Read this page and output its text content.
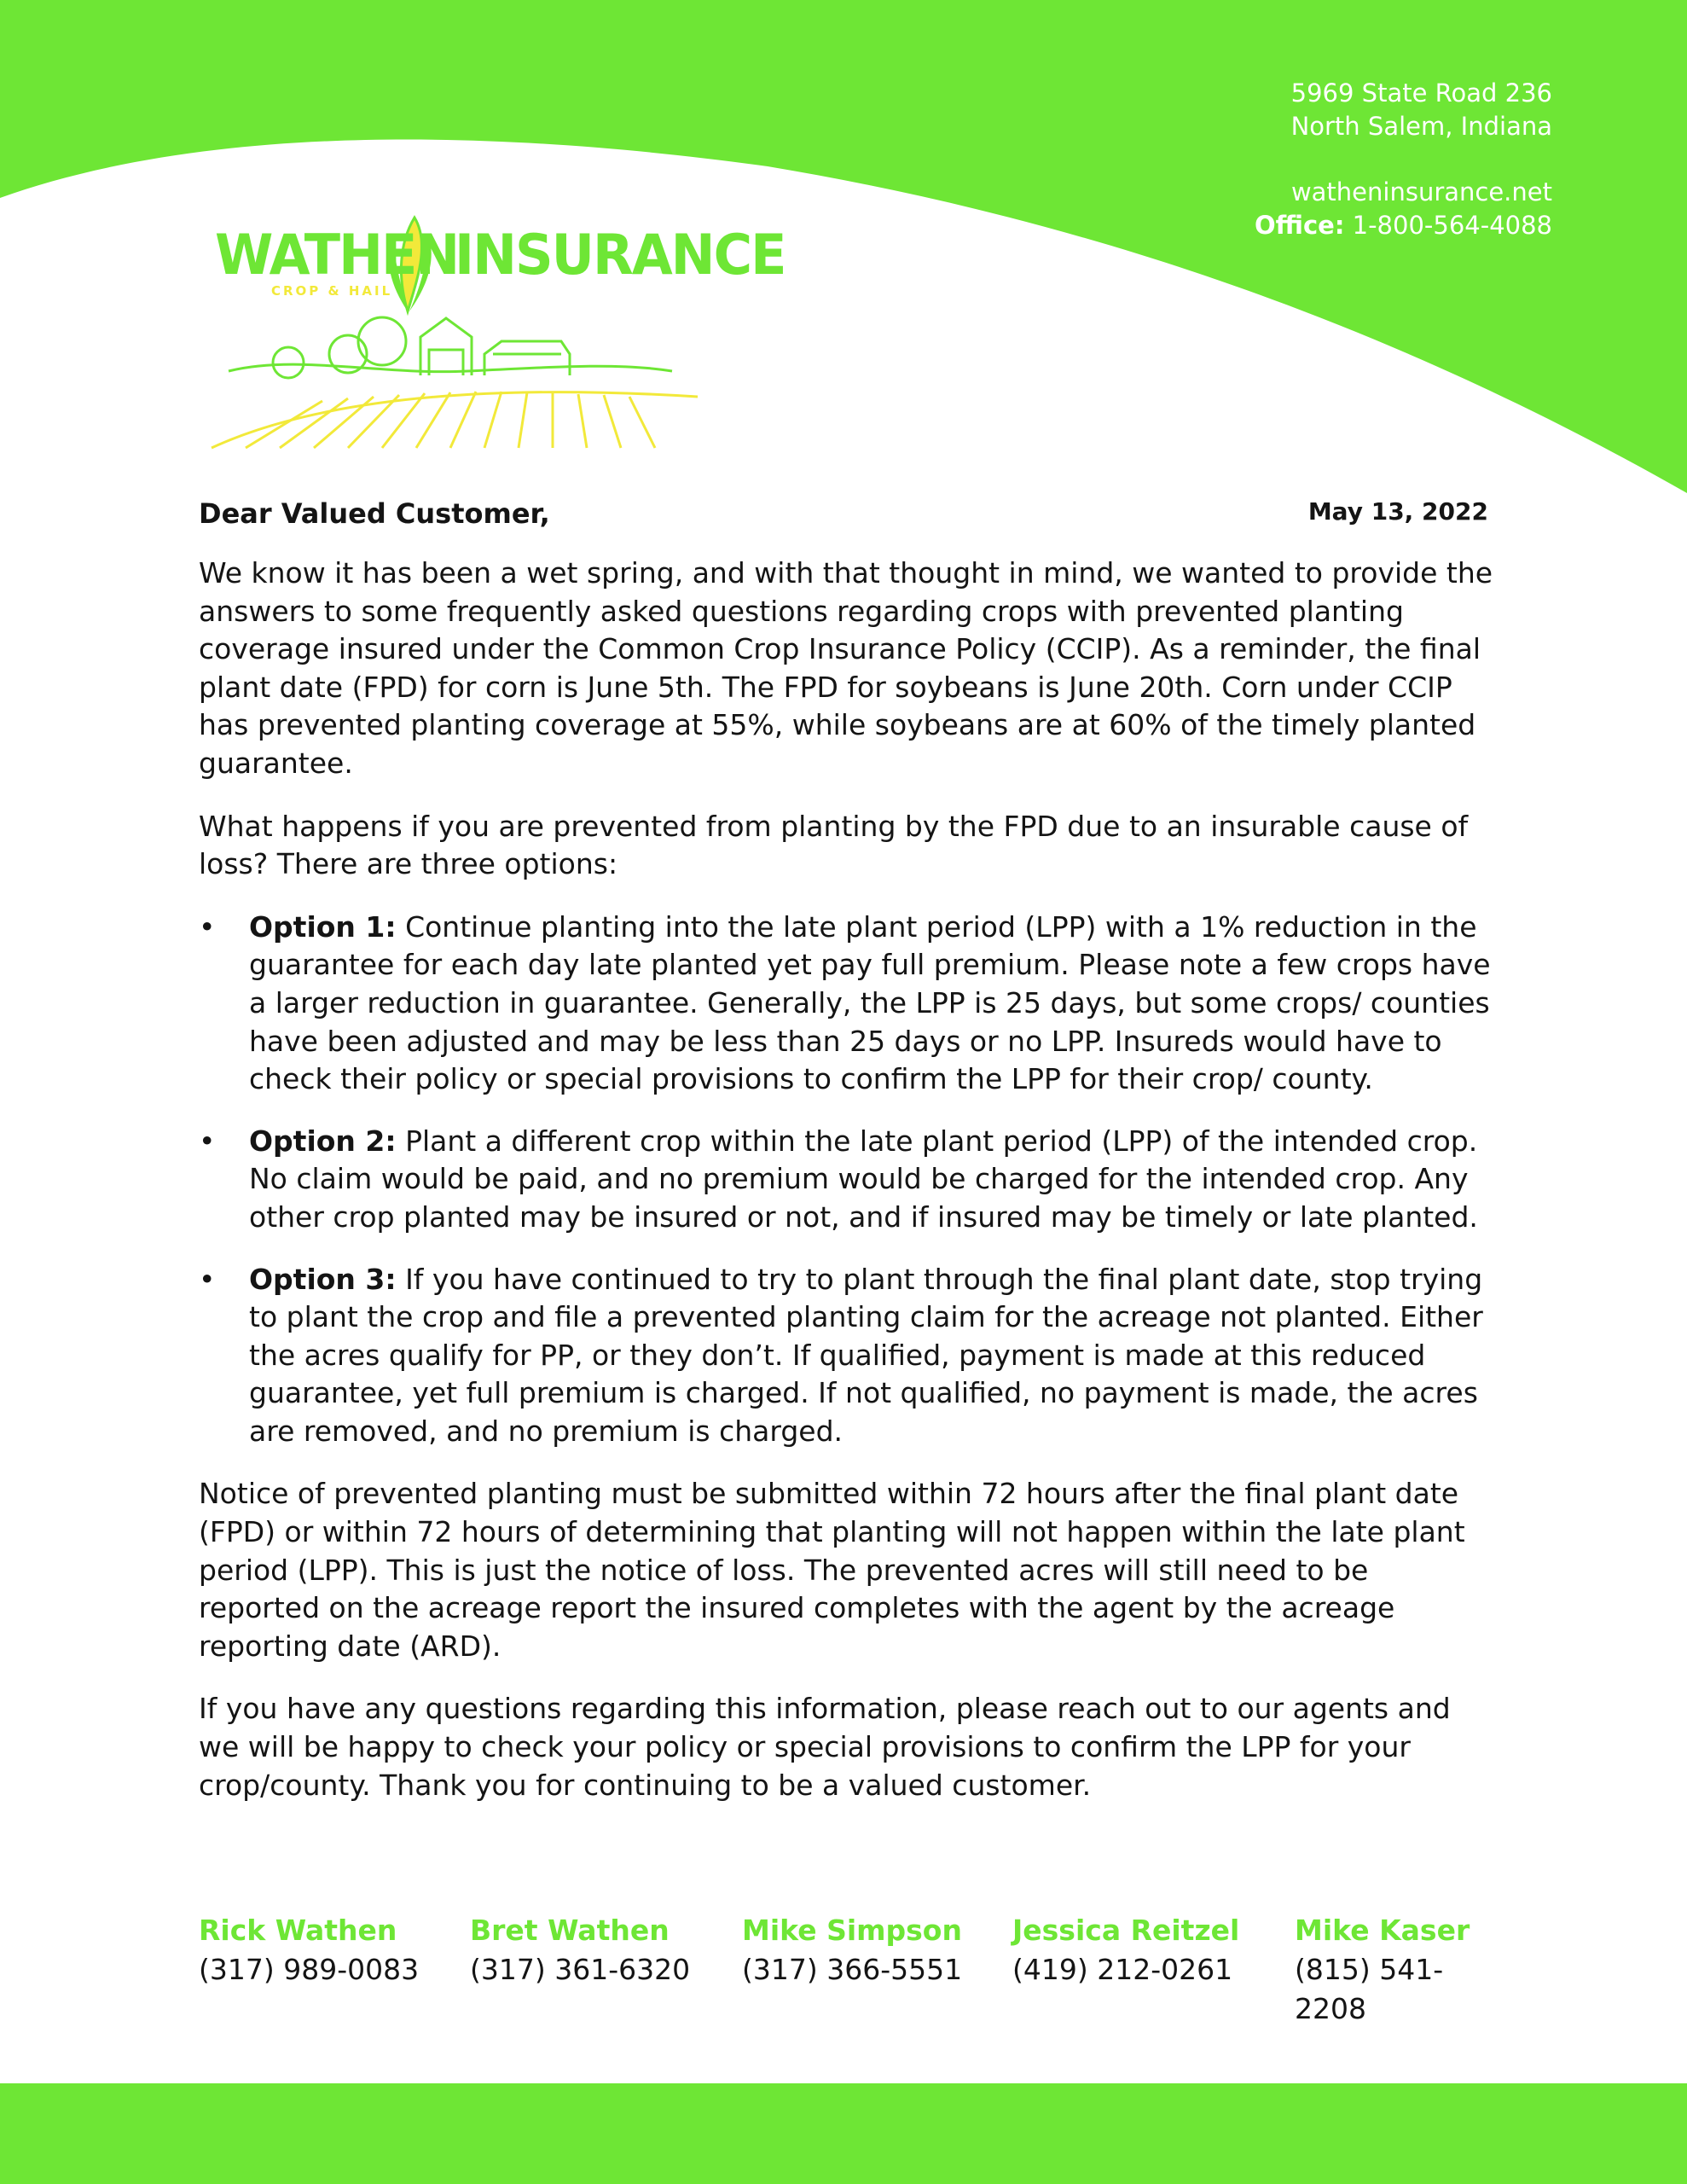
5969 State Road 236
North Salem, Indiana
watheninsurance.net
Office: 1-800-564-4088
WATHEN
INSURANCE
CROP & HAIL
Dear Valued Customer,	May 13, 2022

We know it has been a wet spring, and with that thought in mind, we wanted to provide the answers to some frequently asked questions regarding crops with prevented planting coverage insured under the Common Crop Insurance Policy (CCIP). As a reminder, the final plant date (FPD) for corn is June 5th. The FPD for soybeans is June 20th. Corn under CCIP has prevented planting coverage at 55%, while soybeans are at 60% of the timely planted guarantee.

What happens if you are prevented from planting by the FPD due to an insurable cause of loss? There are three options:

• Option 1: Continue planting into the late plant period (LPP) with a 1% reduction in the guarantee for each day late planted yet pay full premium. Please note a few crops have a larger reduction in guarantee. Generally, the LPP is 25 days, but some crops/ counties have been adjusted and may be less than 25 days or no LPP. Insureds would have to check their policy or special provisions to confirm the LPP for their crop/ county.
• Option 2: Plant a different crop within the late plant period (LPP) of the intended crop. No claim would be paid, and no premium would be charged for the intended crop. Any other crop planted may be insured or not, and if insured may be timely or late planted.
• Option 3: If you have continued to try to plant through the final plant date, stop trying to plant the crop and file a prevented planting claim for the acreage not planted. Either the acres qualify for PP, or they don’t. If qualified, payment is made at this reduced guarantee, yet full premium is charged. If not qualified, no payment is made, the acres are removed, and no premium is charged.

Notice of prevented planting must be submitted within 72 hours after the final plant date (FPD) or within 72 hours of determining that planting will not happen within the late plant period (LPP). This is just the notice of loss. The prevented acres will still need to be reported on the acreage report the insured completes with the agent by the acreage reporting date (ARD).

If you have any questions regarding this information, please reach out to our agents and we will be happy to check your policy or special provisions to confirm the LPP for your crop/county. Thank you for continuing to be a valued customer.

Rick Wathen
(317) 989-0083
Bret Wathen
(317) 361-6320
Mike Simpson
(317) 366-5551
Jessica Reitzel
(419) 212-0261
Mike Kaser
(815) 541-2208
